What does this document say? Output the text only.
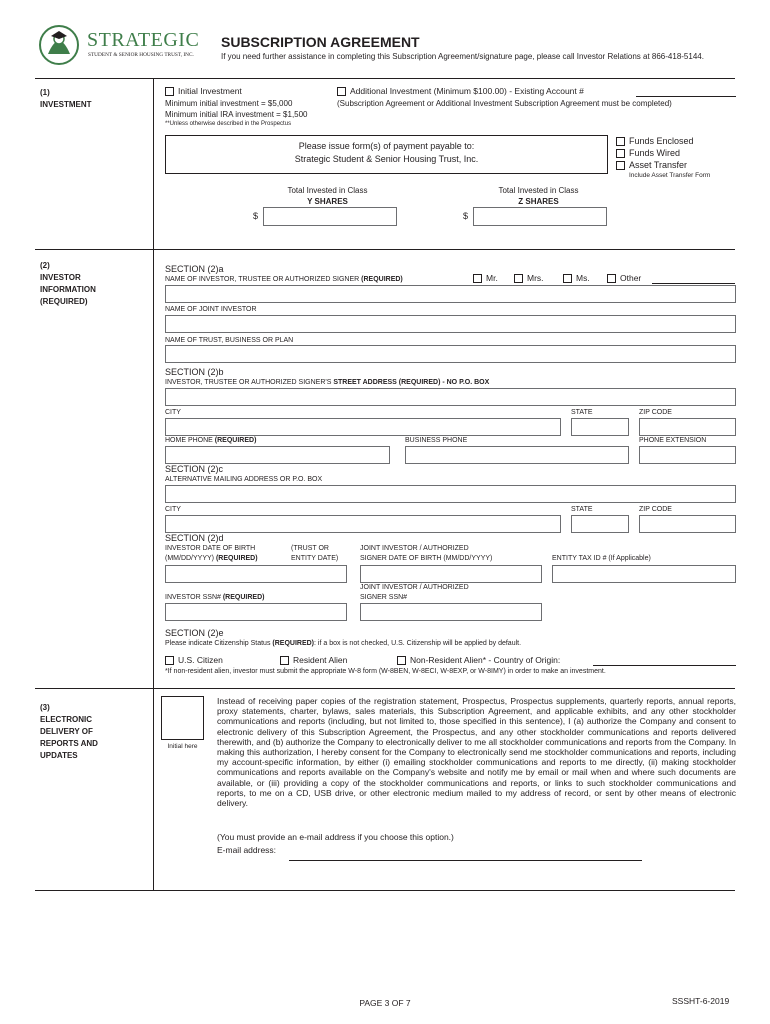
STRATEGIC
STUDENT & SENIOR HOUSING TRUST, INC.
SUBSCRIPTION AGREEMENT
If you need further assistance in completing this Subscription Agreement/signature page, please call Investor Relations at 866-418-5144.
(1)
INVESTMENT
Initial Investment
Minimum initial investment = $5,000
Minimum initial IRA investment = $1,500
**Unless otherwise described in the Prospectus
Additional Investment (Minimum $100.00) - Existing Account #
(Subscription Agreement or Additional Investment Subscription Agreement must be completed)
Please issue form(s) of payment payable to:
Strategic Student & Senior Housing Trust, Inc.
Funds Enclosed
Funds Wired
Asset Transfer
Include Asset Transfer Form
Total Invested in Class
Y SHARES
$
Total Invested in Class
Z SHARES
$
(2)
INVESTOR
INFORMATION
(REQUIRED)
SECTION (2)a
NAME OF INVESTOR, TRUSTEE OR AUTHORIZED SIGNER (REQUIRED)	Mr.	Mrs.	Ms.	Other
NAME OF JOINT INVESTOR
NAME OF TRUST, BUSINESS OR PLAN
SECTION (2)b
INVESTOR, TRUSTEE OR AUTHORIZED SIGNER'S STREET ADDRESS (REQUIRED) - NO P.O. BOX
CITY	STATE	ZIP CODE
HOME PHONE (REQUIRED)	BUSINESS PHONE	PHONE EXTENSION
SECTION (2)c
ALTERNATIVE MAILING ADDRESS OR P.O. BOX
CITY	STATE	ZIP CODE
SECTION (2)d
INVESTOR DATE OF BIRTH
(MM/DD/YYYY) (REQUIRED)
(TRUST OR
ENTITY DATE)
JOINT INVESTOR / AUTHORIZED
SIGNER DATE OF BIRTH (MM/DD/YYYY)	ENTITY TAX ID # (If Applicable)
INVESTOR SSN# (REQUIRED)
JOINT INVESTOR / AUTHORIZED
SIGNER SSN#
SECTION (2)e
Please indicate Citizenship Status (REQUIRED): if a box is not checked, U.S. Citizenship will be applied by default.
U.S. Citizen	Resident Alien	Non-Resident Alien* - Country of Origin:
*If non-resident alien, investor must submit the appropriate W-8 form (W-8BEN, W-8ECI, W-8EXP, or W-8IMY) in order to make an investment.
(3)
ELECTRONIC
DELIVERY OF
REPORTS AND
UPDATES
Initial here
Instead of receiving paper copies of the registration statement, Prospectus, Prospectus supplements, quarterly reports, annual reports, proxy statements, charter, bylaws, sales materials, this Subscription Agreement, and applicable exhibits, and any other stockholder communications and reports (including, but not limited to, those specified in this sentence), I (a) authorize the Company and consent to electronic delivery of this Subscription Agreement, the Prospectus, and any other stockholder communications and reports delivered therewith, and (b) authorize the Company to electronically deliver to me all stockholder communications and reports from the Company. In making this authorization, I hereby consent for the Company to electronically send me stockholder communications and reports, including my account-specific information, by either (i) emailing stockholder communications and reports to me directly, (ii) making stockholder communications and reports available on the Company's website and notify me by email or mail when and where such documents are available, or (iii) providing a copy of the stockholder communications and reports, or links to such stockholder communications and reports, to me on a CD, USB drive, or other electronic medium mailed to my address of record, or sent by other means of electronic delivery.
(You must provide an e-mail address if you choose this option.)
E-mail address:
PAGE 3 OF 7	SSSHT-6-2019
